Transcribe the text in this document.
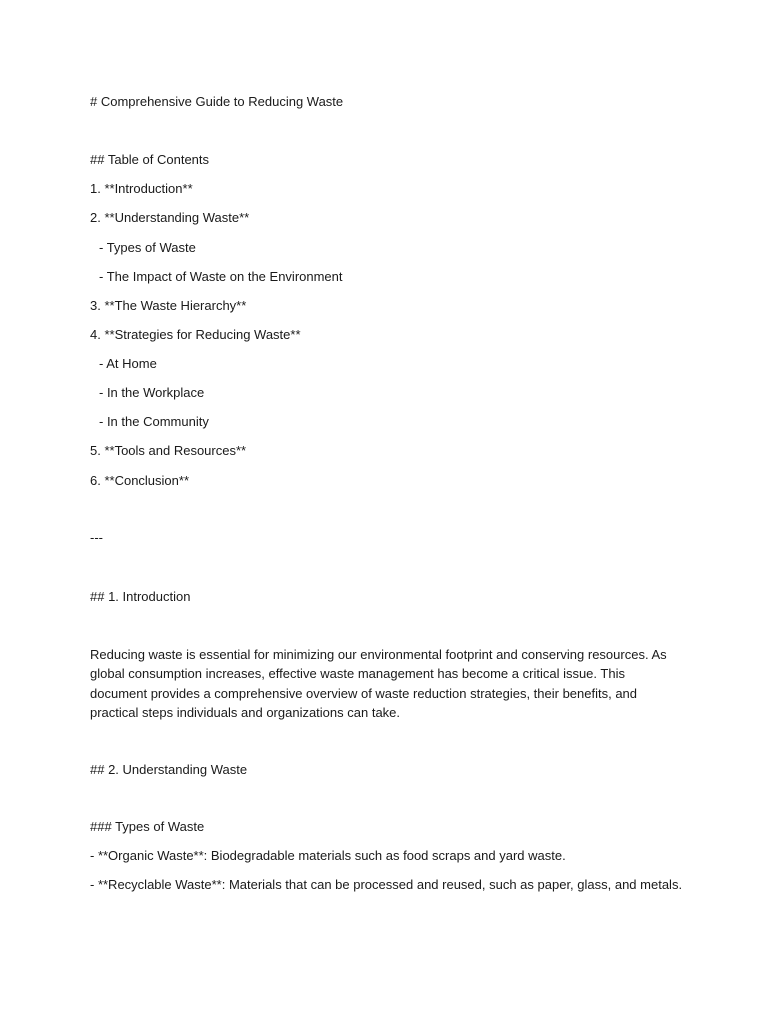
# Comprehensive Guide to Reducing Waste
## Table of Contents
1. **Introduction**
2. **Understanding Waste**
- Types of Waste
- The Impact of Waste on the Environment
3. **The Waste Hierarchy**
4. **Strategies for Reducing Waste**
- At Home
- In the Workplace
- In the Community
5. **Tools and Resources**
6. **Conclusion**
---
## 1. Introduction
Reducing waste is essential for minimizing our environmental footprint and conserving resources. As global consumption increases, effective waste management has become a critical issue. This document provides a comprehensive overview of waste reduction strategies, their benefits, and practical steps individuals and organizations can take.
## 2. Understanding Waste
### Types of Waste
- **Organic Waste**: Biodegradable materials such as food scraps and yard waste.
- **Recyclable Waste**: Materials that can be processed and reused, such as paper, glass, and metals.
